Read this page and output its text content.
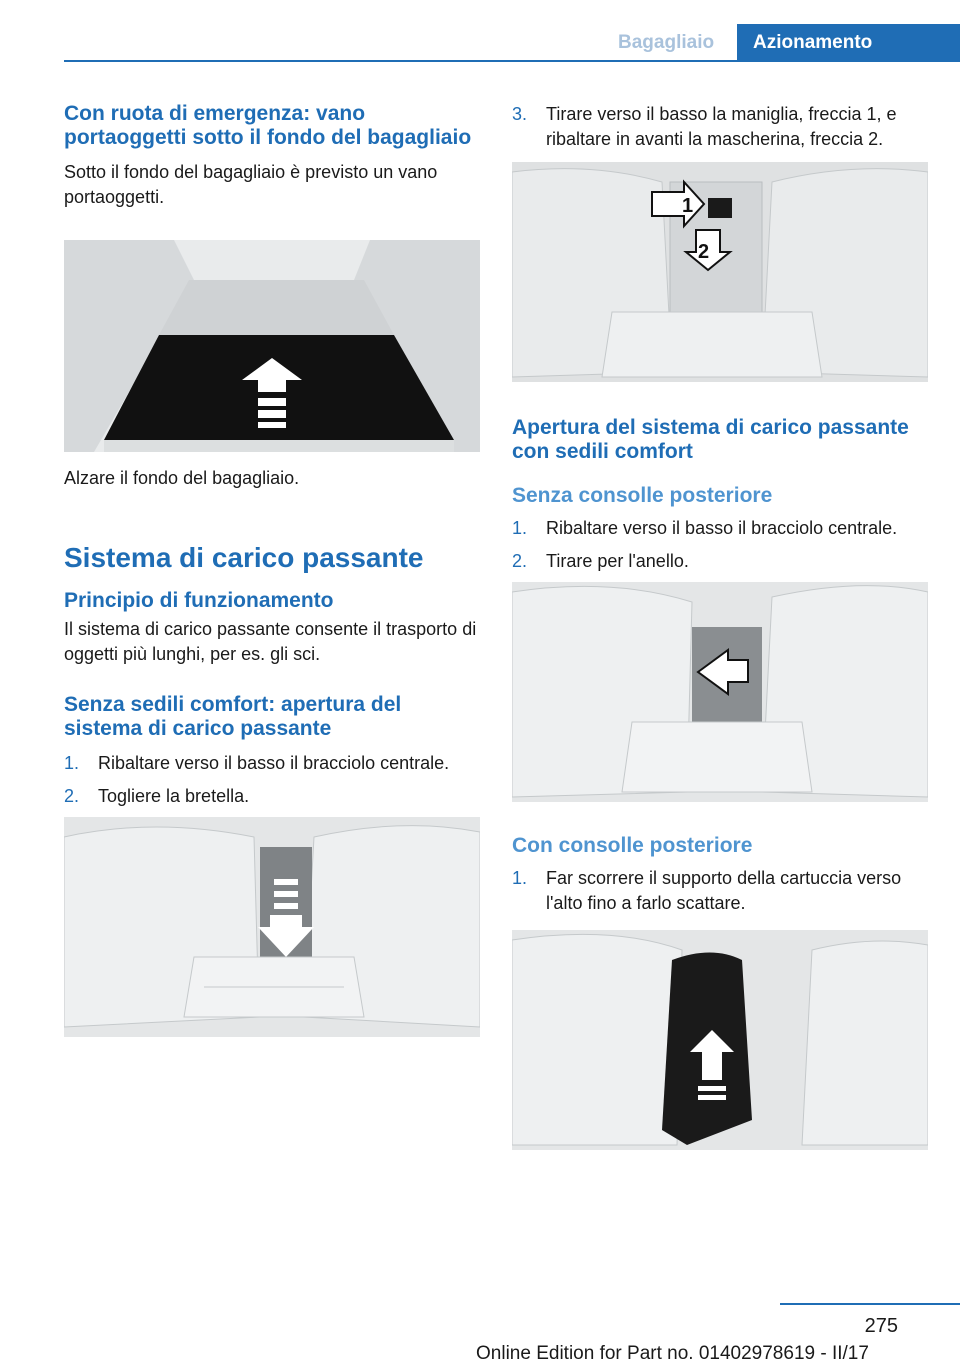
Bagagliaio Azionamento
Con ruota di emergenza: vano portaoggetti sotto il fondo del bagagliaio

Sotto il fondo del bagagliaio è previsto un vano portaoggetti.

Alzare il fondo del bagagliaio.

Sistema di carico passante
Principio di funzionamento

Il sistema di carico passante consente il trasporto di oggetti più lunghi, per es. gli sci.

Senza sedili comfort: apertura del sistema di carico passante
1. Ribaltare verso il basso il bracciolo centrale.
2. Togliere la bretella.
3. Tirare verso il basso la maniglia, freccia 1, e ribaltare in avanti la mascherina, freccia 2.
1
2
Apertura del sistema di carico passante con sedili comfort
Senza consolle posteriore
1. Ribaltare verso il basso il bracciolo centrale.
2. Tirare per l'anello.
Con consolle posteriore
1. Far scorrere il supporto della cartuccia verso l'alto fino a farlo scattare.
275
Online Edition for Part no. 01402978619 - II/17
